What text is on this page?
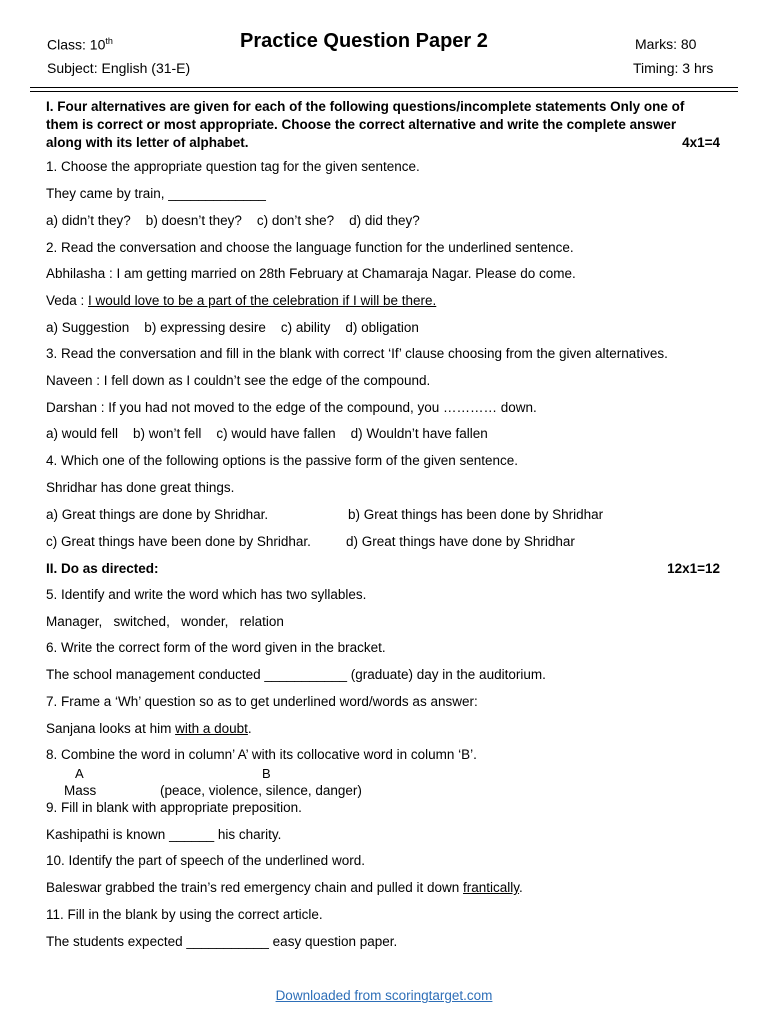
Class: 10th	Practice Question Paper 2	Marks: 80
Subject: English (31-E)	Timing: 3 hrs
I. Four alternatives are given for each of the following questions/incomplete statements Only one of
them is correct or most appropriate. Choose the correct alternative and write the complete answer
along with its letter of alphabet.	4x1=4
1. Choose the appropriate question tag for the given sentence.
They came by train, _____________
a) didn’t they?    b) doesn’t they?    c) don’t she?    d) did they?
2. Read the conversation and choose the language function for the underlined sentence.
Abhilasha : I am getting married on 28th February at Chamaraja Nagar. Please do come.
Veda : I would love to be a part of the celebration if I will be there.
a) Suggestion    b) expressing desire    c) ability    d) obligation
3. Read the conversation and fill in the blank with correct ‘If’ clause choosing from the given alternatives.
Naveen : I fell down as I couldn’t see the edge of the compound.
Darshan : If you had not moved to the edge of the compound, you ………… down.
a) would fell    b) won’t fell    c) would have fallen    d) Wouldn’t have fallen
4. Which one of the following options is the passive form of the given sentence.
Shridhar has done great things.
a) Great things are done by Shridhar.	b) Great things has been done by Shridhar
c) Great things have been done by Shridhar.	d) Great things have done by Shridhar
II. Do as directed:	12x1=12
5. Identify and write the word which has two syllables.
Manager,   switched,   wonder,   relation
6. Write the correct form of the word given in the bracket.
The school management conducted ___________ (graduate) day in the auditorium.
7. Frame a ‘Wh’ question so as to get underlined word/words as answer:
Sanjana looks at him with a doubt.
8. Combine the word in column’ A’ with its collocative word in column ‘B’.
A	B
Mass	(peace, violence, silence, danger)
9. Fill in blank with appropriate preposition.
Kashipathi is known ______ his charity.
10. Identify the part of speech of the underlined word.
Baleswar grabbed the train’s red emergency chain and pulled it down frantically.
11. Fill in the blank by using the correct article.
The students expected ___________ easy question paper.
Downloaded from scoringtarget.com
